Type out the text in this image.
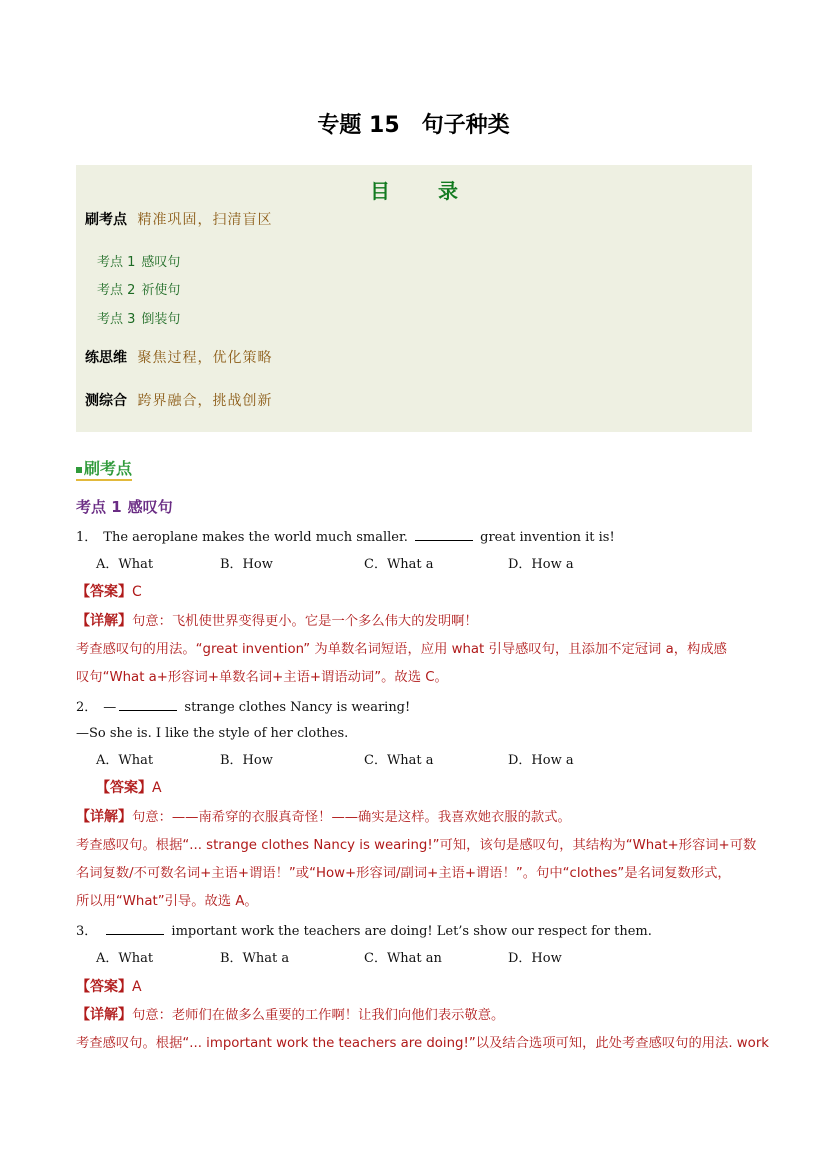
专题 15　句子种类
目　录
刷考点 精准巩固，扫清盲区
考点 1 感叹句
考点 2 祈使句
考点 3 倒装句
练思维 聚焦过程，优化策略
测综合 跨界融合，挑战创新
刷考点
考点 1 感叹句
1． The aeroplane makes the world much smaller.	great invention it is!
A．What	B．How	C．What a	D．How a
【答案】C
【详解】句意：飞机使世界变得更小。它是一个多么伟大的发明啊！
考查感叹句的用法。“great invention” 为单数名词短语，应用 what 引导感叹句，且添加不定冠词 a，构成感
叹句“What a+形容词+单数名词+主语+谓语动词”。故选 C。
2． —	strange clothes Nancy is wearing!
—So she is. I like the style of her clothes.
A．What	B．How	C．What a	D．How a
【答案】A
【详解】句意：——南希穿的衣服真奇怪！——确实是这样。我喜欢她衣服的款式。
考查感叹句。根据“... strange clothes Nancy is wearing!”可知，该句是感叹句，其结构为“What+形容词+可数
名词复数/不可数名词+主语+谓语！”或“How+形容词/副词+主语+谓语！”。句中“clothes”是名词复数形式，
所以用“What”引导。故选 A。
3．	important work the teachers are doing! Let’s show our respect for them.
A．What	B．What a	C．What an	D．How
【答案】A
【详解】句意：老师们在做多么重要的工作啊！让我们向他们表示敬意。
考查感叹句。根据“... important work the teachers are doing!”以及结合选项可知，此处考查感叹句的用法. work
